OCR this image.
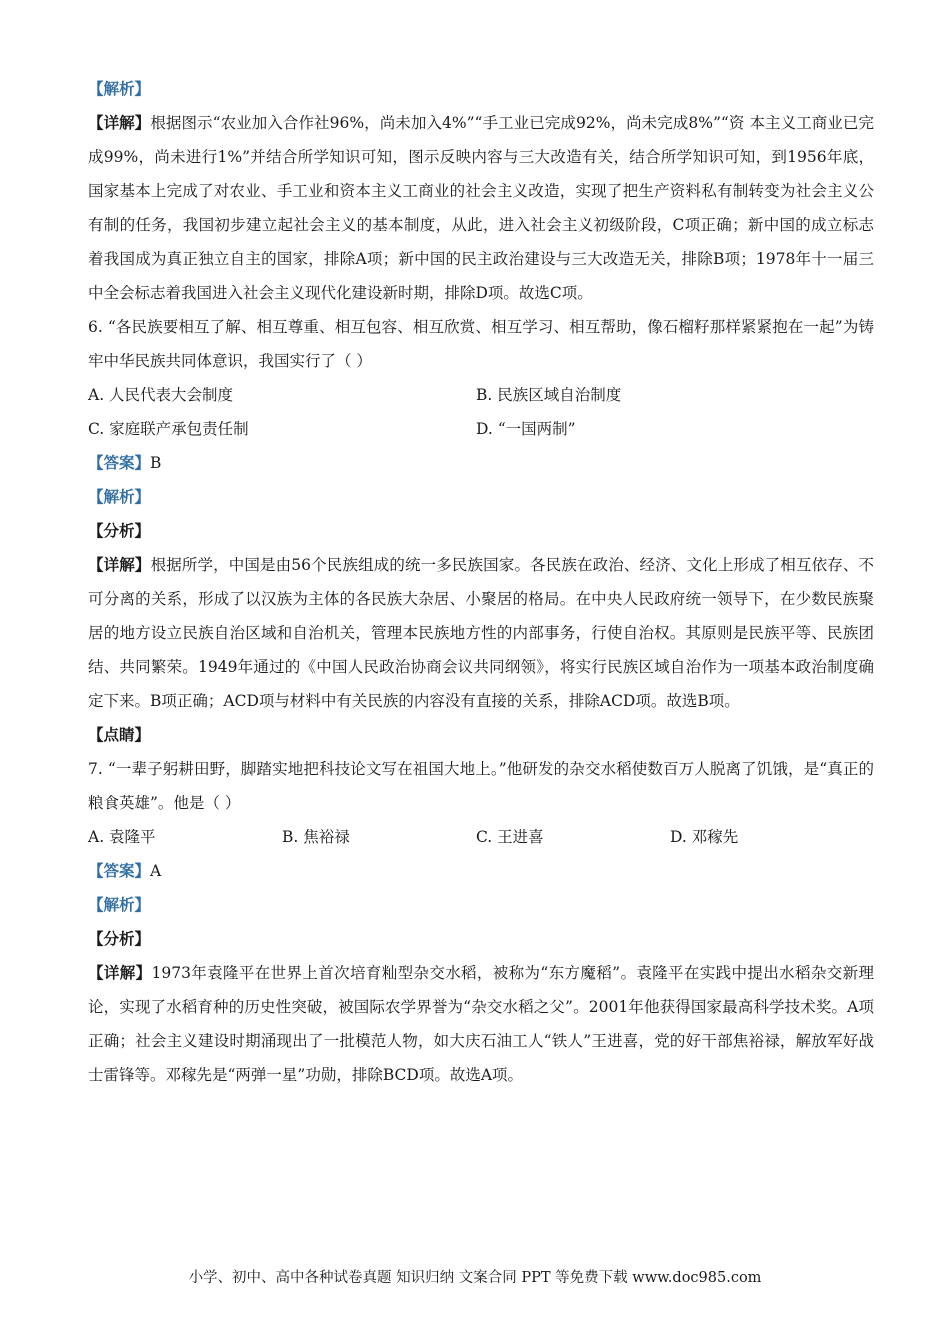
【解析】
【详解】根据图示“农业加入合作社96%，尚未加入4%”“手工业已完成92%，尚未完成8%”“资 本主义工商业已完成99%，尚未进行1%”并结合所学知识可知，图示反映内容与三大改造有关，结合所学知识可知，到1956年底，国家基本上完成了对农业、手工业和资本主义工商业的社会主义改造，实现了把生产资料私有制转变为社会主义公有制的任务，我国初步建立起社会主义的基本制度，从此，进入社会主义初级阶段，C项正确；新中国的成立标志着我国成为真正独立自主的国家，排除A项；新中国的民主政治建设与三大改造无关，排除B项；1978年十一届三中全会标志着我国进入社会主义现代化建设新时期，排除D项。故选C项。
6. “各民族要相互了解、相互尊重、相互包容、相互欣赏、相互学习、相互帮助，像石榴籽那样紧紧抱在一起”为铸牢中华民族共同体意识，我国实行了（ ）
A. 人民代表大会制度	B. 民族区域自治制度
C. 家庭联产承包责任制	D. “一国两制”
【答案】B
【解析】
【分析】
【详解】根据所学，中国是由56个民族组成的统一多民族国家。各民族在政治、经济、文化上形成了相互依存、不可分离的关系，形成了以汉族为主体的各民族大杂居、小聚居的格局。在中央人民政府统一领导下，在少数民族聚居的地方设立民族自治区域和自治机关，管理本民族地方性的内部事务，行使自治权。其原则是民族平等、民族团结、共同繁荣。1949年通过的《中国人民政治协商会议共同纲领》，将实行民族区域自治作为一项基本政治制度确定下来。B项正确；ACD项与材料中有关民族的内容没有直接的关系，排除ACD项。故选B项。
【点睛】
7. “一辈子躬耕田野，脚踏实地把科技论文写在祖国大地上。”他研发的杂交水稻使数百万人脱离了饥饿，是“真正的粮食英雄”。他是（ ）
A. 袁隆平	B. 焦裕禄	C. 王进喜	D. 邓稼先
【答案】A
【解析】
【分析】
【详解】1973年袁隆平在世界上首次培育籼型杂交水稻，被称为“东方魔稻”。袁隆平在实践中提出水稻杂交新理论，实现了水稻育种的历史性突破，被国际农学界誉为“杂交水稻之父”。2001年他获得国家最高科学技术奖。A项正确；社会主义建设时期涌现出了一批模范人物，如大庆石油工人“铁人”王进喜，党的好干部焦裕禄，解放军好战士雷锋等。邓稼先是“两弹一星”功勋，排除BCD项。故选A项。
小学、初中、高中各种试卷真题 知识归纳 文案合同 PPT 等免费下载 www.doc985.com
